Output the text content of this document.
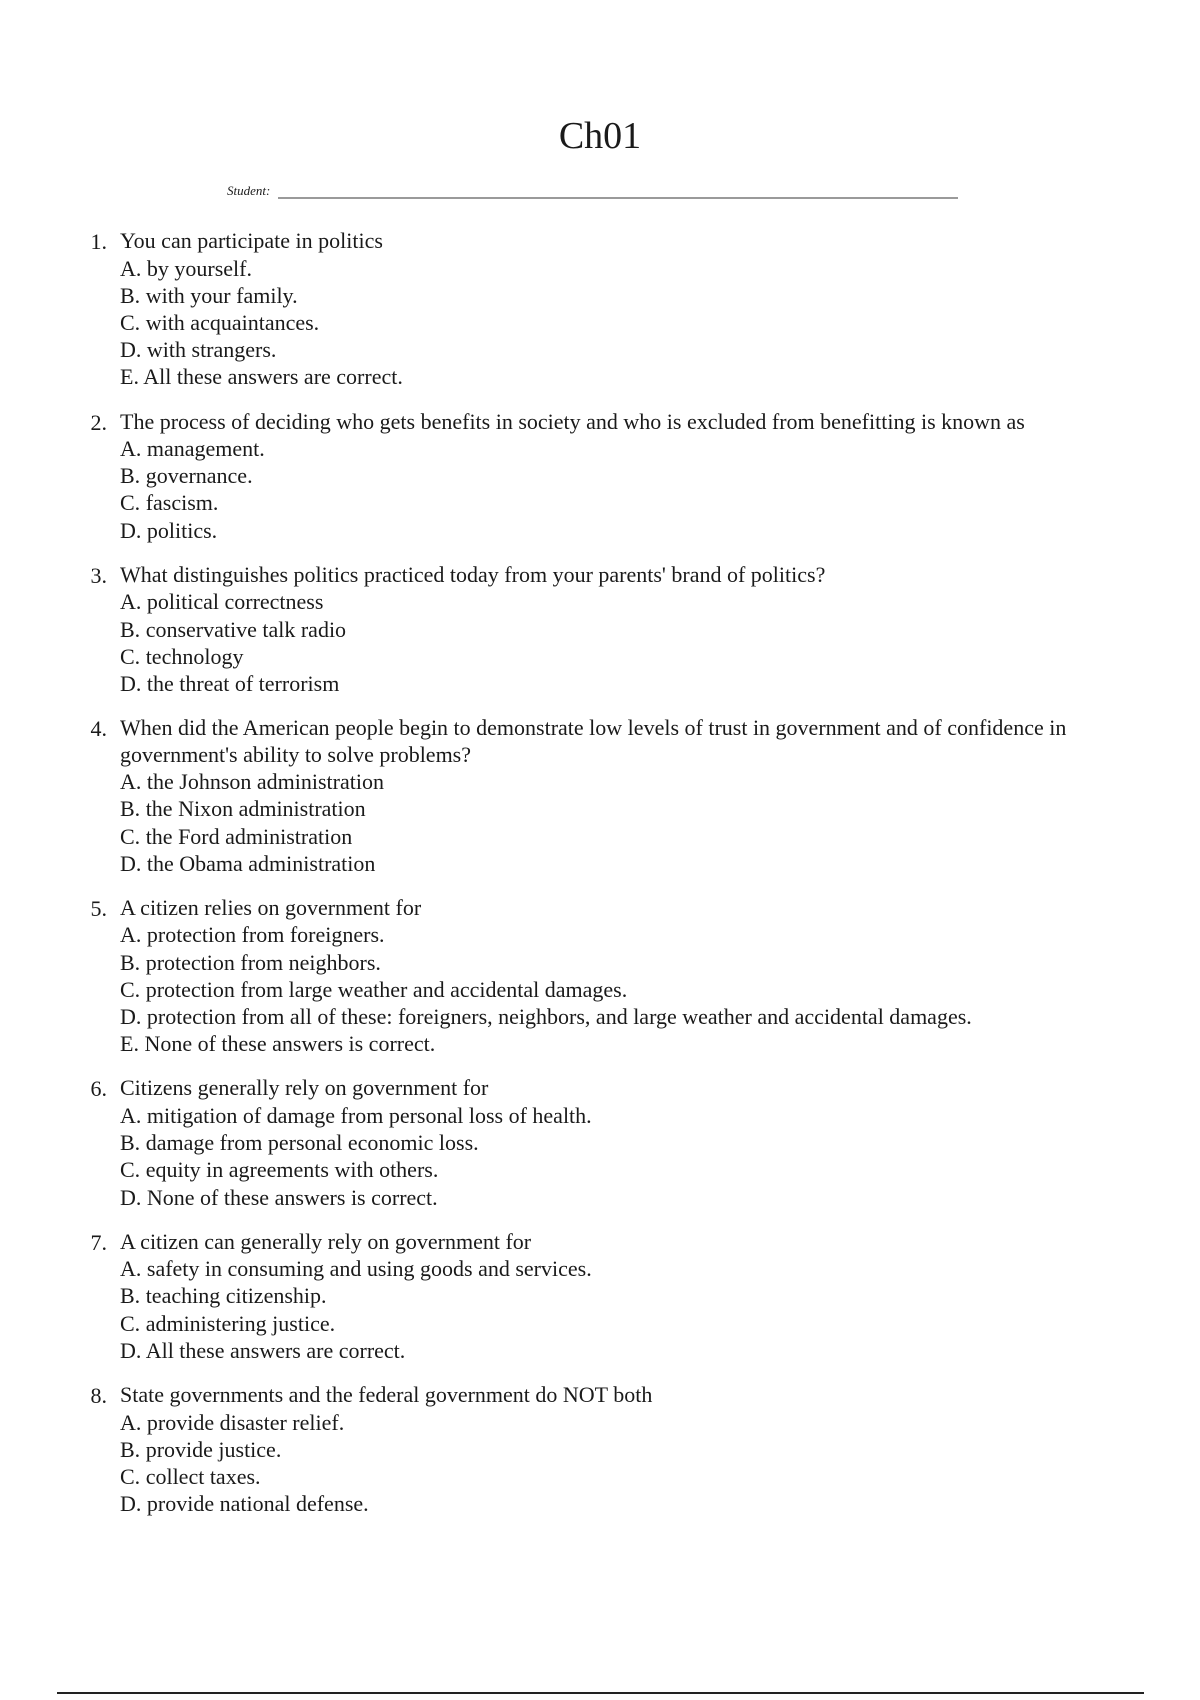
Ch01
Student:
1. You can participate in politics
A. by yourself.
B. with your family.
C. with acquaintances.
D. with strangers.
E. All these answers are correct.
2. The process of deciding who gets benefits in society and who is excluded from benefitting is known as
A. management.
B. governance.
C. fascism.
D. politics.
3. What distinguishes politics practiced today from your parents' brand of politics?
A. political correctness
B. conservative talk radio
C. technology
D. the threat of terrorism
4. When did the American people begin to demonstrate low levels of trust in government and of confidence in government's ability to solve problems?
A. the Johnson administration
B. the Nixon administration
C. the Ford administration
D. the Obama administration
5. A citizen relies on government for
A. protection from foreigners.
B. protection from neighbors.
C. protection from large weather and accidental damages.
D. protection from all of these: foreigners, neighbors, and large weather and accidental damages.
E. None of these answers is correct.
6. Citizens generally rely on government for
A. mitigation of damage from personal loss of health.
B. damage from personal economic loss.
C. equity in agreements with others.
D. None of these answers is correct.
7. A citizen can generally rely on government for
A. safety in consuming and using goods and services.
B. teaching citizenship.
C. administering justice.
D. All these answers are correct.
8. State governments and the federal government do NOT both
A. provide disaster relief.
B. provide justice.
C. collect taxes.
D. provide national defense.
